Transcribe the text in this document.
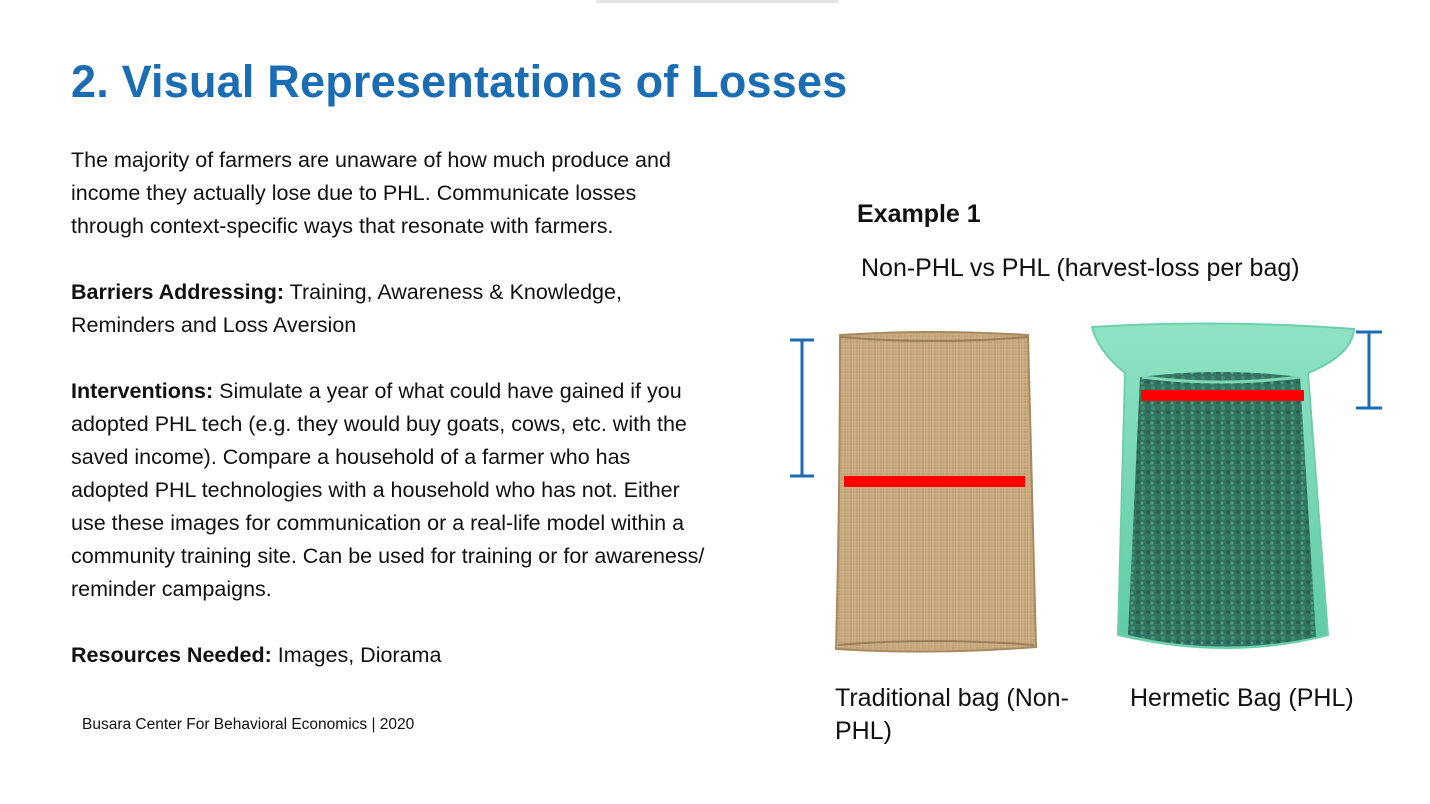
2. Visual Representations of Losses

The majority of farmers are unaware of how much produce and income they actually lose due to PHL. Communicate losses through context-specific ways that resonate with farmers.

Barriers Addressing: Training, Awareness & Knowledge, Reminders and Loss Aversion

Interventions: Simulate a year of what could have gained if you adopted PHL tech (e.g. they would buy goats, cows, etc. with the saved income). Compare a household of a farmer who has adopted PHL technologies with a household who has not. Either use these images for communication or a real-life model within a community training site. Can be used for training or for awareness/ reminder campaigns.

Resources Needed: Images, Diorama

Busara Center For Behavioral Economics | 2020
Example 1
Non-PHL vs PHL (harvest-loss per bag)
Traditional bag (Non-PHL)
Hermetic Bag (PHL)
